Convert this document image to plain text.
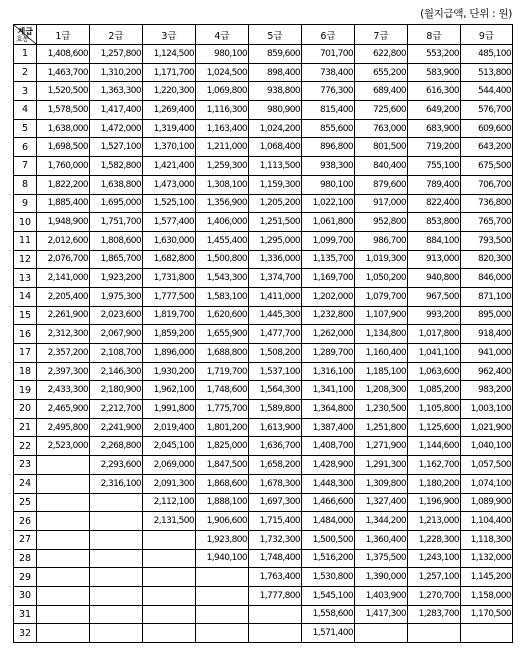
(월지급액, 단위 : 원)
계급
호봉	1급	2급	3급	4급	5급	6급	7급	8급	9급
1	1,408,600	1,257,800	1,124,500	980,100	859,600	701,700	622,800	553,200	485,100
2	1,463,700	1,310,200	1,171,700	1,024,500	898,400	738,400	655,200	583,900	513,800
3	1,520,500	1,363,300	1,220,300	1,069,800	938,800	776,300	689,400	616,300	544,400
4	1,578,500	1,417,400	1,269,400	1,116,300	980,900	815,400	725,600	649,200	576,700
5	1,638,000	1,472,000	1,319,400	1,163,400	1,024,200	855,600	763,000	683,900	609,600
6	1,698,500	1,527,100	1,370,100	1,211,000	1,068,400	896,800	801,500	719,200	643,200
7	1,760,000	1,582,800	1,421,400	1,259,300	1,113,500	938,300	840,400	755,100	675,500
8	1,822,200	1,638,800	1,473,000	1,308,100	1,159,300	980,100	879,600	789,400	706,700
9	1,885,400	1,695,000	1,525,100	1,356,900	1,205,200	1,022,100	917,000	822,400	736,800
10	1,948,900	1,751,700	1,577,400	1,406,000	1,251,500	1,061,800	952,800	853,800	765,700
11	2,012,600	1,808,600	1,630,000	1,455,400	1,295,000	1,099,700	986,700	884,100	793,500
12	2,076,700	1,865,700	1,682,800	1,500,800	1,336,000	1,135,700	1,019,300	913,000	820,300
13	2,141,000	1,923,200	1,731,800	1,543,300	1,374,700	1,169,700	1,050,200	940,800	846,000
14	2,205,400	1,975,300	1,777,500	1,583,100	1,411,000	1,202,000	1,079,700	967,500	871,100
15	2,261,900	2,023,600	1,819,700	1,620,600	1,445,300	1,232,800	1,107,900	993,200	895,000
16	2,312,300	2,067,900	1,859,200	1,655,900	1,477,700	1,262,000	1,134,800	1,017,800	918,400
17	2,357,200	2,108,700	1,896,000	1,688,800	1,508,200	1,289,700	1,160,400	1,041,100	941,000
18	2,397,300	2,146,300	1,930,200	1,719,700	1,537,100	1,316,100	1,185,100	1,063,600	962,400
19	2,433,300	2,180,900	1,962,100	1,748,600	1,564,300	1,341,100	1,208,300	1,085,200	983,200
20	2,465,900	2,212,700	1,991,800	1,775,700	1,589,800	1,364,800	1,230,500	1,105,800	1,003,100
21	2,495,800	2,241,900	2,019,400	1,801,200	1,613,900	1,387,400	1,251,800	1,125,600	1,021,900
22	2,523,000	2,268,800	2,045,100	1,825,000	1,636,700	1,408,700	1,271,900	1,144,600	1,040,100
23		2,293,600	2,069,000	1,847,500	1,658,200	1,428,900	1,291,300	1,162,700	1,057,500
24		2,316,100	2,091,300	1,868,600	1,678,300	1,448,300	1,309,800	1,180,200	1,074,100
25			2,112,100	1,888,100	1,697,300	1,466,600	1,327,400	1,196,900	1,089,900
26			2,131,500	1,906,600	1,715,400	1,484,000	1,344,200	1,213,000	1,104,400
27				1,923,800	1,732,300	1,500,500	1,360,400	1,228,300	1,118,300
28				1,940,100	1,748,400	1,516,200	1,375,500	1,243,100	1,132,000
29					1,763,400	1,530,800	1,390,000	1,257,100	1,145,200
30					1,777,800	1,545,100	1,403,900	1,270,700	1,158,000
31						1,558,600	1,417,300	1,283,700	1,170,500
32						1,571,400			
